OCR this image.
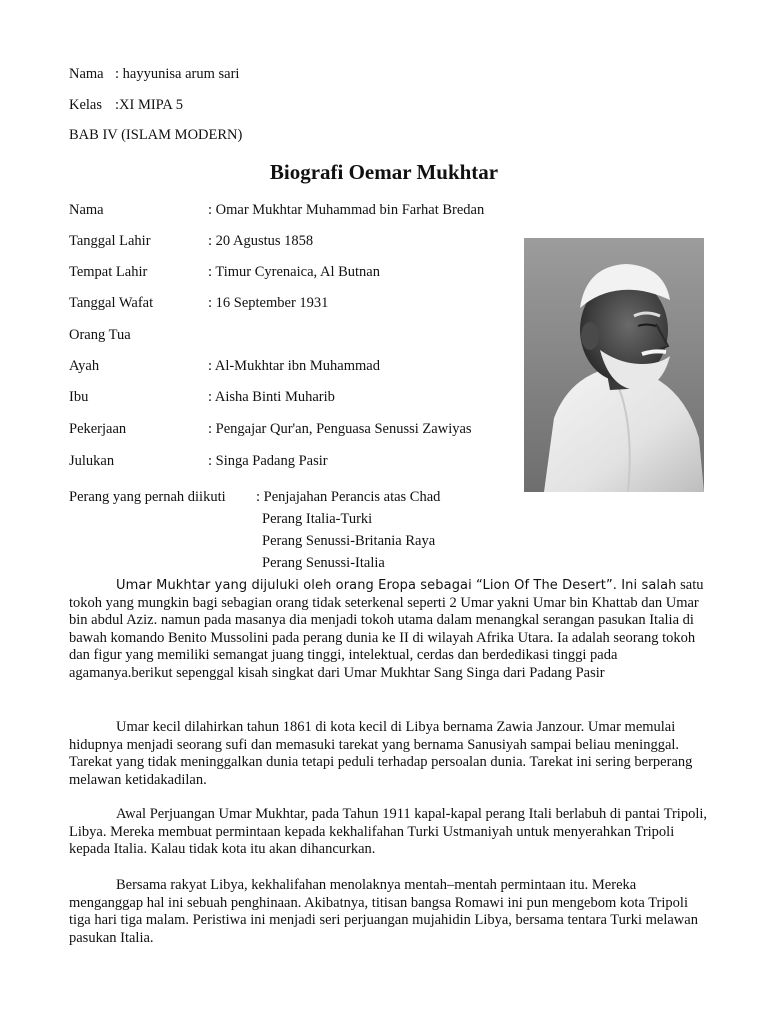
Nama : hayyunisa arum sari
Kelas :XI MIPA 5
BAB IV (ISLAM MODERN)
Biografi Oemar Mukhtar
Nama	: Omar Mukhtar Muhammad bin Farhat Bredan
Tanggal Lahir	: 20 Agustus 1858
Tempat Lahir	: Timur Cyrenaica, Al Butnan
Tanggal Wafat	: 16 September 1931
Orang Tua
Ayah	: Al-Mukhtar ibn Muhammad
Ibu	: Aisha Binti Muharib
Pekerjaan	: Pengajar Qur'an, Penguasa Senussi Zawiyas
Julukan	: Singa Padang Pasir
Perang yang pernah diikuti : Penjajahan Perancis atas Chad
Perang Italia-Turki
Perang Senussi-Britania Raya
Perang Senussi-Italia
Umar Mukhtar yang dijuluki oleh orang Eropa sebagai “Lion Of The Desert”. Ini salah satu tokoh yang mungkin bagi sebagian orang tidak seterkenal seperti 2 Umar yakni Umar bin Khattab dan Umar bin abdul Aziz. namun pada masanya dia menjadi tokoh utama dalam menangkal serangan pasukan Italia di bawah komando Benito Mussolini pada perang dunia ke II di wilayah Afrika Utara. Ia adalah seorang tokoh dan figur yang memiliki semangat juang tinggi, intelektual, cerdas dan berdedikasi tinggi pada agamanya.berikut sepenggal kisah singkat dari Umar Mukhtar Sang Singa dari Padang Pasir
Umar kecil dilahirkan tahun 1861 di kota kecil di Libya bernama Zawia Janzour. Umar memulai hidupnya menjadi seorang sufi dan memasuki tarekat yang bernama Sanusiyah sampai beliau meninggal. Tarekat yang tidak meninggalkan dunia tetapi peduli terhadap persoalan dunia. Tarekat ini sering berperang melawan ketidakadilan.
Awal Perjuangan Umar Mukhtar, pada Tahun 1911 kapal-kapal perang Itali berlabuh di pantai Tripoli, Libya. Mereka membuat permintaan kepada kekhalifahan Turki Ustmaniyah untuk menyerahkan Tripoli kepada Italia. Kalau tidak kota itu akan dihancurkan.
Bersama rakyat Libya, kekhalifahan menolaknya mentah–mentah permintaan itu. Mereka menganggap hal ini sebuah penghinaan. Akibatnya, titisan bangsa Romawi ini pun mengebom kota Tripoli tiga hari tiga malam. Peristiwa ini menjadi seri perjuangan mujahidin Libya, bersama tentara Turki melawan pasukan Italia.
